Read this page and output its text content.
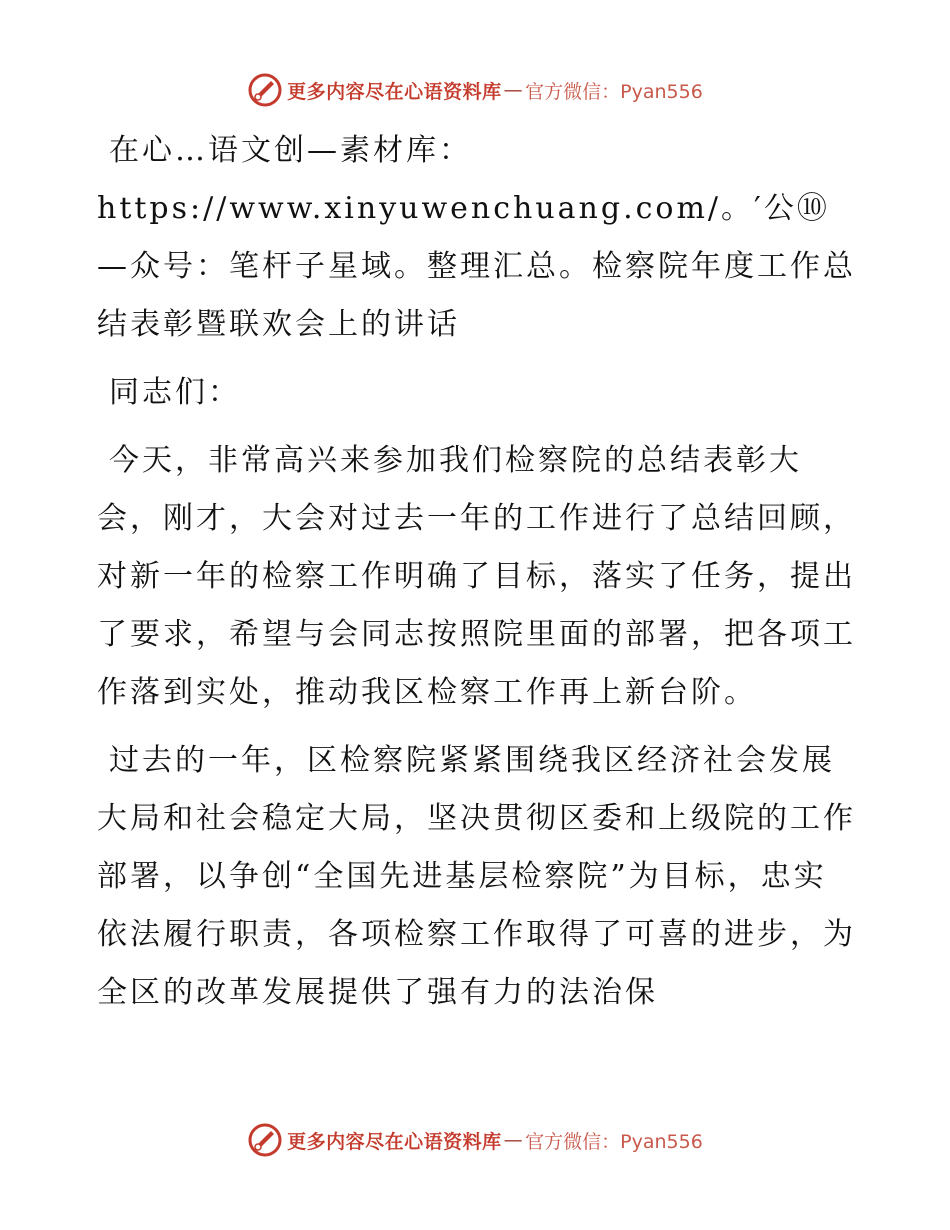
更多内容尽在心语资料库 — 官方微信：Pyan556

在心…语文创—素材库：https://www.xinyuwenchuang.com/。′公⑩—众号：笔杆子星域。整理汇总。检察院年度工作总结表彰暨联欢会上的讲话

同志们：

今天，非常高兴来参加我们检察院的总结表彰大会，刚才，大会对过去一年的工作进行了总结回顾，对新一年的检察工作明确了目标，落实了任务，提出了要求，希望与会同志按照院里面的部署，把各项工作落到实处，推动我区检察工作再上新台阶。

过去的一年，区检察院紧紧围绕我区经济社会发展大局和社会稳定大局，坚决贯彻区委和上级院的工作部署，以争创“全国先进基层检察院”为目标，忠实依法履行职责，各项检察工作取得了可喜的进步，为全区的改革发展提供了强有力的法治保

更多内容尽在心语资料库 — 官方微信：Pyan556
